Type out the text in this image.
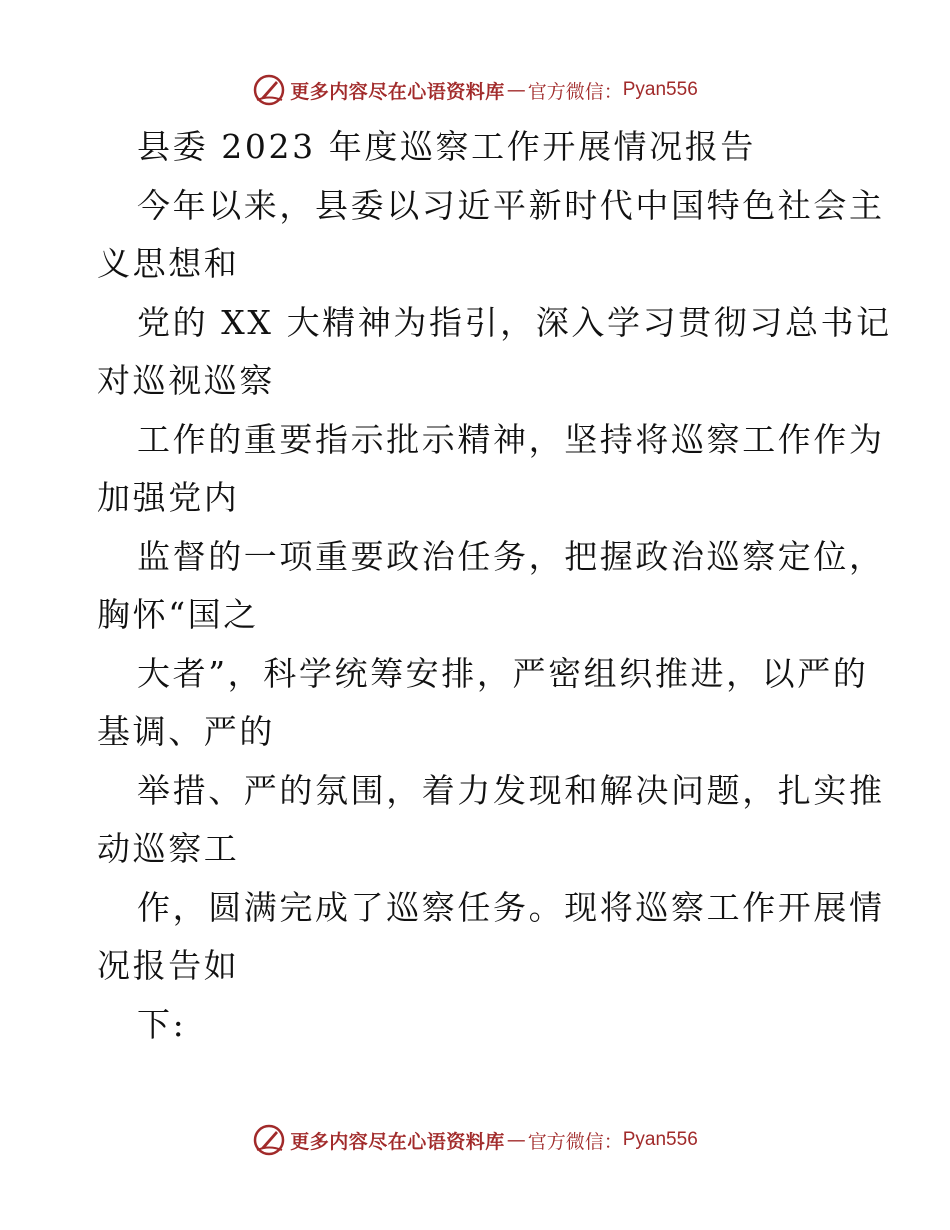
更多内容尽在心语资料库 — 官方微信： Pyan556
县委 2023 年度巡察工作开展情况报告
今年以来，县委以习近平新时代中国特色社会主
义思想和
党的 XX 大精神为指引，深入学习贯彻习总书记
对巡视巡察
工作的重要指示批示精神，坚持将巡察工作作为
加强党内
监督的一项重要政治任务，把握政治巡察定位，
胸怀“国之
大者”，科学统筹安排，严密组织推进，以严的
基调、严的
举措、严的氛围，着力发现和解决问题，扎实推
动巡察工
作，圆满完成了巡察任务。现将巡察工作开展情
况报告如
下:
更多内容尽在心语资料库 — 官方微信： Pyan556
